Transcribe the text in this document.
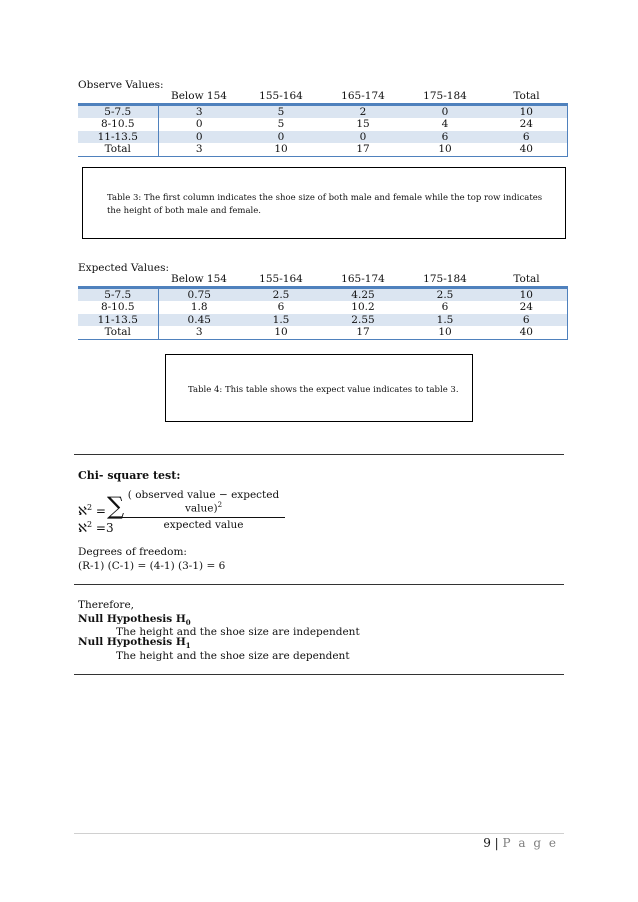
Observe Values:
	Below 154	155-164	165-174	175-184	Total
5-7.5	3	5	2	0	10
8-10.5	0	5	15	4	24
11-13.5	0	0	0	6	6
Total	3	10	17	10	40
Table 3: The first column indicates the shoe size of both male and female while the top row indicates the height of both male and female.
Expected Values:
	Below 154	155-164	165-174	175-184	Total
5-7.5	0.75	2.5	4.25	2.5	10
8-10.5	1.8	6	10.2	6	24
11-13.5	0.45	1.5	2.55	1.5	6
Total	3	10	17	10	40
Table 4: This table shows the expect value indicates to table 3.
Chi- square test:
ℵ$^2$ = ∑ ( observed value − expected value)$^2$
expected value
ℵ$^2$ =3
Degrees of freedom:
(R-1) (C-1) = (4-1) (3-1) = 6
Therefore,
Null Hypothesis $H_0$
The height and the shoe size are independent
Null Hypothesis $H_1$
The height and the shoe size are dependent
9 | P a g e
